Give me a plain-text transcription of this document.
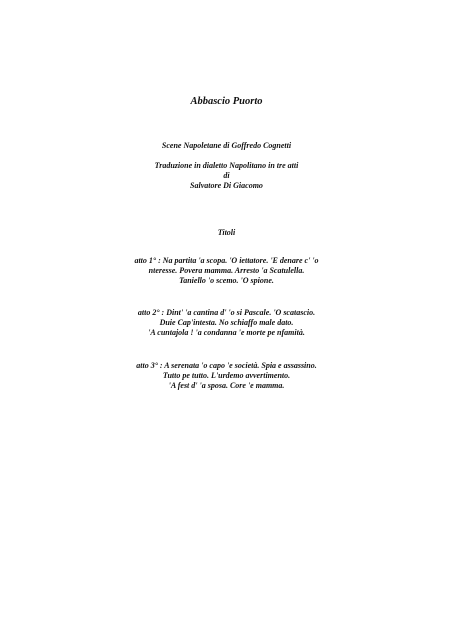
Abbascio Puorto
Scene Napoletane di Goffredo Cognetti
Traduzione in dialetto Napolitano in tre atti
di
Salvatore Di Giacomo
Titoli
atto 1° : Na partita 'a scopa. 'O iettatore. 'E denare c' 'o
nteresse. Povera mamma. Arresto 'a Scatulella.
Taniello 'o scemo. 'O spione.
atto 2° : Dint' 'a cantina d' 'o si Pascale. 'O scatascio.
Duie Cap'intesta. No schiaffo male dato.
'A cuntajola ! 'a condanna 'e morte pe nfamità.
atto 3° : A serenata 'o capo 'e società. Spia e assassino.
Tutto pe tutto. L'urdemo avvertimento.
'A fest d' 'a sposa. Core 'e mamma.
